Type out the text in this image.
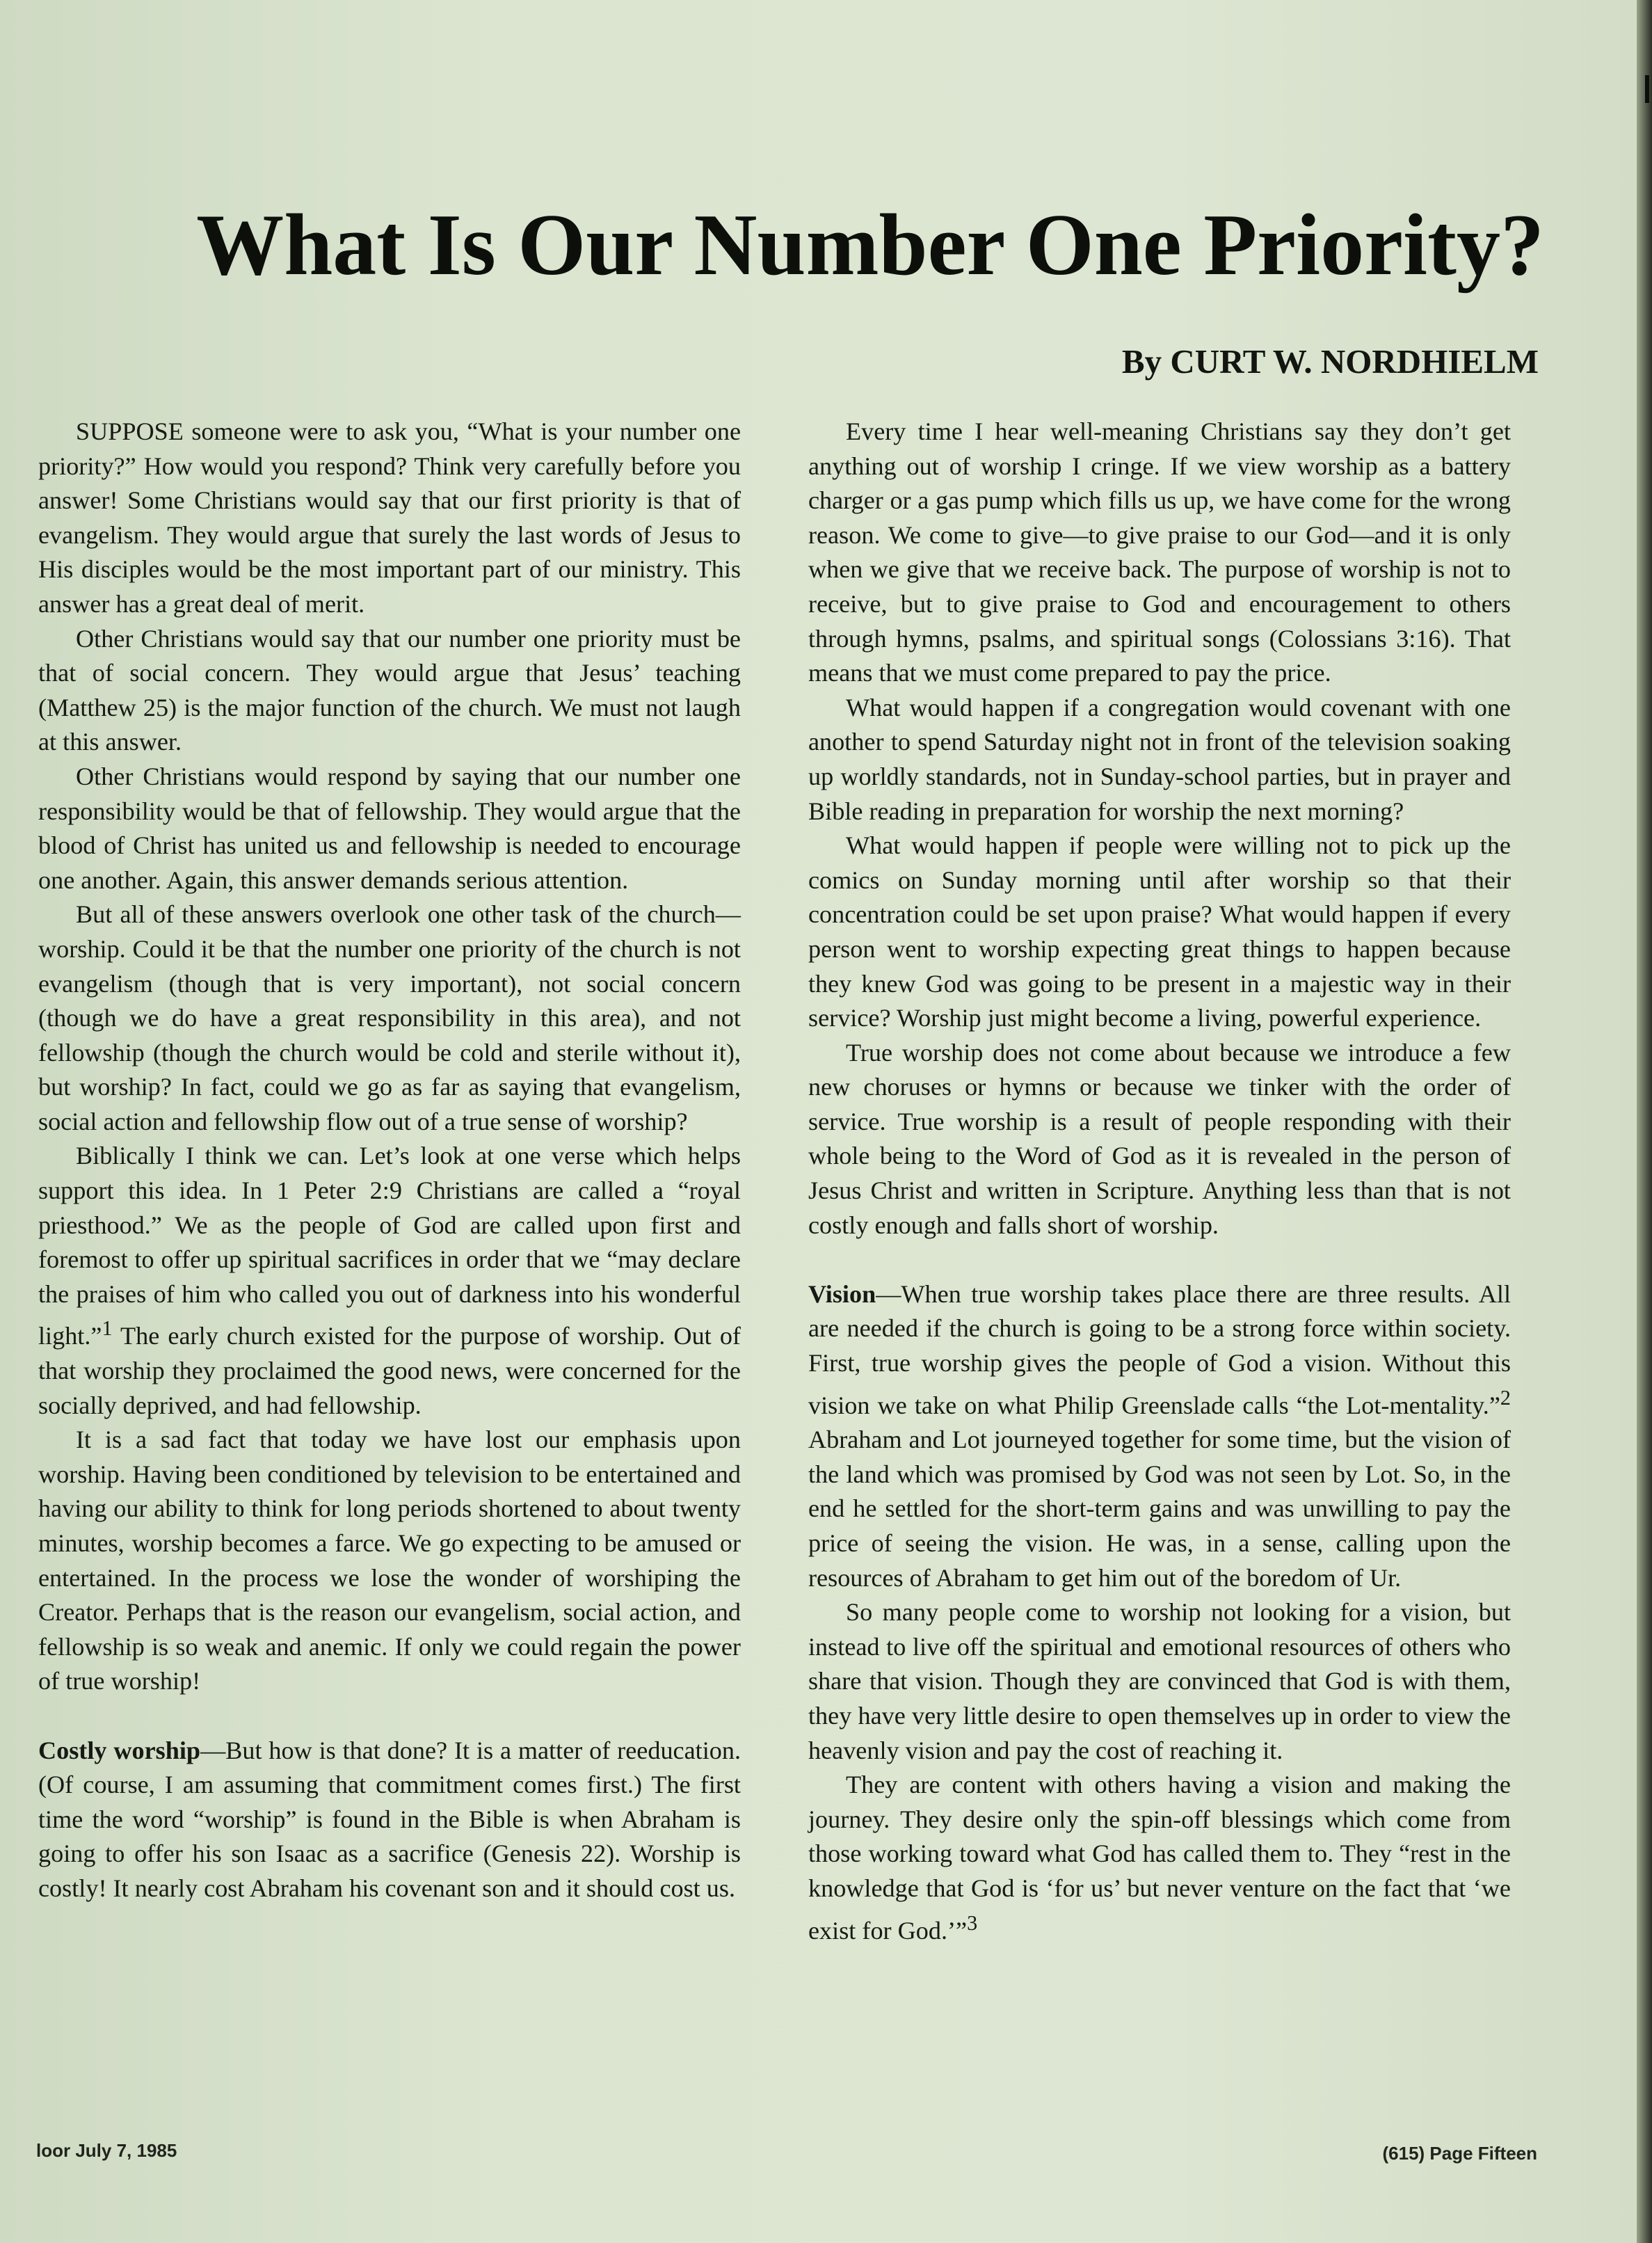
What Is Our Number One Priority?

By CURT W. NORDHIELM

SUPPOSE someone were to ask you, “What is your number one priority?” How would you respond? Think very carefully before you answer! Some Christians would say that our first priority is that of evangelism. They would argue that surely the last words of Jesus to His disciples would be the most important part of our ministry. This answer has a great deal of merit.

Other Christians would say that our number one priority must be that of social concern. They would argue that Jesus’ teaching (Matthew 25) is the major function of the church. We must not laugh at this answer.

Other Christians would respond by saying that our number one responsibility would be that of fellowship. They would argue that the blood of Christ has united us and fellowship is needed to encourage one another. Again, this answer demands serious attention.

But all of these answers overlook one other task of the church—worship. Could it be that the number one priority of the church is not evangelism (though that is very important), not social concern (though we do have a great responsibility in this area), and not fellowship (though the church would be cold and sterile without it), but worship? In fact, could we go as far as saying that evangelism, social action and fellowship flow out of a true sense of worship?

Biblically I think we can. Let’s look at one verse which helps support this idea. In 1 Peter 2:9 Christians are called a “royal priesthood.” We as the people of God are called upon first and foremost to offer up spiritual sacrifices in order that we “may declare the praises of him who called you out of darkness into his wonderful light.”$^1$ The early church existed for the purpose of worship. Out of that worship they proclaimed the good news, were concerned for the socially deprived, and had fellowship.

It is a sad fact that today we have lost our emphasis upon worship. Having been conditioned by television to be entertained and having our ability to think for long periods shortened to about twenty minutes, worship becomes a farce. We go expecting to be amused or entertained. In the process we lose the wonder of worshiping the Creator. Perhaps that is the reason our evangelism, social action, and fellowship is so weak and anemic. If only we could regain the power of true worship!

Costly worship—But how is that done? It is a matter of reeducation. (Of course, I am assuming that commitment comes first.) The first time the word “worship” is found in the Bible is when Abraham is going to offer his son Isaac as a sacrifice (Genesis 22). Worship is costly! It nearly cost Abraham his covenant son and it should cost us.

Every time I hear well-meaning Christians say they don’t get anything out of worship I cringe. If we view worship as a battery charger or a gas pump which fills us up, we have come for the wrong reason. We come to give—to give praise to our God—and it is only when we give that we receive back. The purpose of worship is not to receive, but to give praise to God and encouragement to others through hymns, psalms, and spiritual songs (Colossians 3:16). That means that we must come prepared to pay the price.

What would happen if a congregation would covenant with one another to spend Saturday night not in front of the television soaking up worldly standards, not in Sunday-school parties, but in prayer and Bible reading in preparation for worship the next morning?

What would happen if people were willing not to pick up the comics on Sunday morning until after worship so that their concentration could be set upon praise? What would happen if every person went to worship expecting great things to happen because they knew God was going to be present in a majestic way in their service? Worship just might become a living, powerful experience.

True worship does not come about because we introduce a few new choruses or hymns or because we tinker with the order of service. True worship is a result of people responding with their whole being to the Word of God as it is revealed in the person of Jesus Christ and written in Scripture. Anything less than that is not costly enough and falls short of worship.

Vision—When true worship takes place there are three results. All are needed if the church is going to be a strong force within society. First, true worship gives the people of God a vision. Without this vision we take on what Philip Greenslade calls “the Lot-mentality.”$^2$ Abraham and Lot journeyed together for some time, but the vision of the land which was promised by God was not seen by Lot. So, in the end he settled for the short-term gains and was unwilling to pay the price of seeing the vision. He was, in a sense, calling upon the resources of Abraham to get him out of the boredom of Ur.

So many people come to worship not looking for a vision, but instead to live off the spiritual and emotional resources of others who share that vision. Though they are convinced that God is with them, they have very little desire to open themselves up in order to view the heavenly vision and pay the cost of reaching it.

They are content with others having a vision and making the journey. They desire only the spin-off blessings which come from those working toward what God has called them to. They “rest in the knowledge that God is ‘for us’ but never venture on the fact that ‘we exist for God.’”$^3$

loor July 7, 1985	(615) Page Fifteen
